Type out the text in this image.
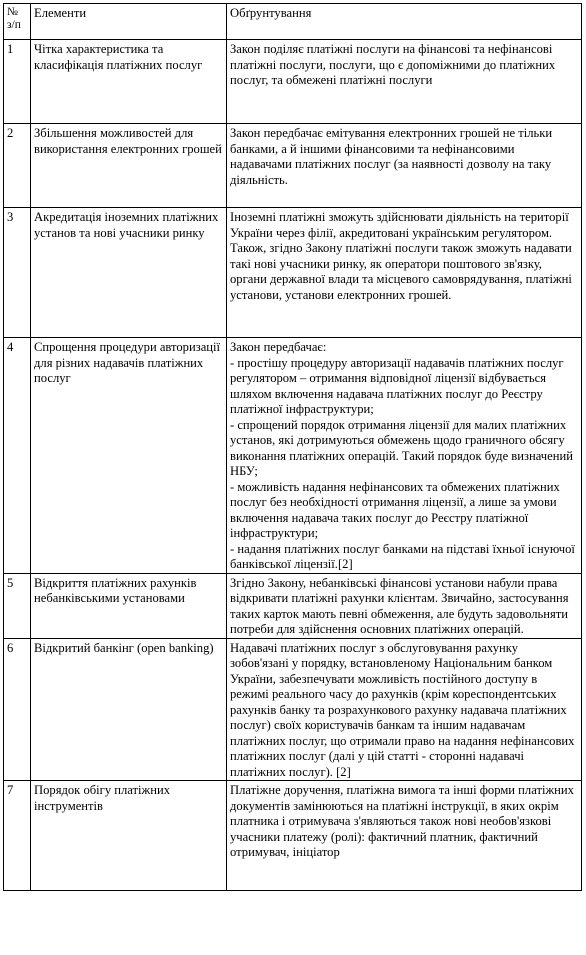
№ з/п	Елементи	Обґрунтування
1	Чітка характеристика та класифікація платіжних послуг	Закон поділяє платіжні послуги на фінансові та нефінансові платіжні послуги, послуги, що є допоміжними до платіжних послуг, та обмежені платіжні послуги
2	Збільшення можливостей для використання електронних грошей	Закон передбачає емітування електронних грошей не тільки банками, а й іншими фінансовими та нефінансовими надавачами платіжних послуг (за наявності дозволу на таку діяльність.
3	Акредитація іноземних платіжних установ та нові учасники ринку	Іноземні платіжні зможуть здійснювати діяльність на території України через філії, акредитовані українським регулятором. Також, згідно Закону платіжні послуги також зможуть надавати такі нові учасники ринку, як оператори поштового зв'язку, органи державної влади та місцевого самоврядування, платіжні установи, установи електронних грошей.
4	Спрощення процедури авторизації для різних надавачів платіжних послуг	Закон передбачає:
- простішу процедуру авторизації надавачів платіжних послуг регулятором – отримання відповідної ліцензії відбувається шляхом включення надавача платіжних послуг до Реєстру платіжної інфраструктури;
- спрощений порядок отримання ліцензії для малих платіжних установ, які дотримуються обмежень щодо граничного обсягу виконання платіжних операцій. Такий порядок буде визначений НБУ;
- можливість надання нефінансових та обмежених платіжних послуг без необхідності отримання ліцензії, а лише за умови включення надавача таких послуг до Реєстру платіжної інфраструктури;
- надання платіжних послуг банками на підставі їхньої існуючої банківської ліцензії.[2]

5	Відкриття платіжних рахунків небанківськими установами	Згідно Закону, небанківські фінансові установи набули права відкривати платіжні рахунки клієнтам. Звичайно, застосування таких карток мають певні обмеження, але будуть задовольняти потреби для здійснення основних платіжних операцій.
6	Відкритий банкінг (open banking)	Надавачі платіжних послуг з обслуговування рахунку зобов'язані у порядку, встановленому Національним банком України, забезпечувати можливість постійного доступу в режимі реального часу до рахунків (крім кореспондентських рахунків банку та розрахункового рахунку надавача платіжних послуг) своїх користувачів банкам та іншим надавачам платіжних послуг, що отримали право на надання нефінансових платіжних послуг (далі у цій статті - сторонні надавачі платіжних послуг). [2]
7	Порядок обігу платіжних інструментів	Платіжне доручення, платіжна вимога та інші форми платіжних документів замінюються на платіжні інструкції, в яких окрім платника і отримувача з'являються також нові необов'язкові учасники платежу (ролі): фактичний платник, фактичний отримувач, ініціатор
